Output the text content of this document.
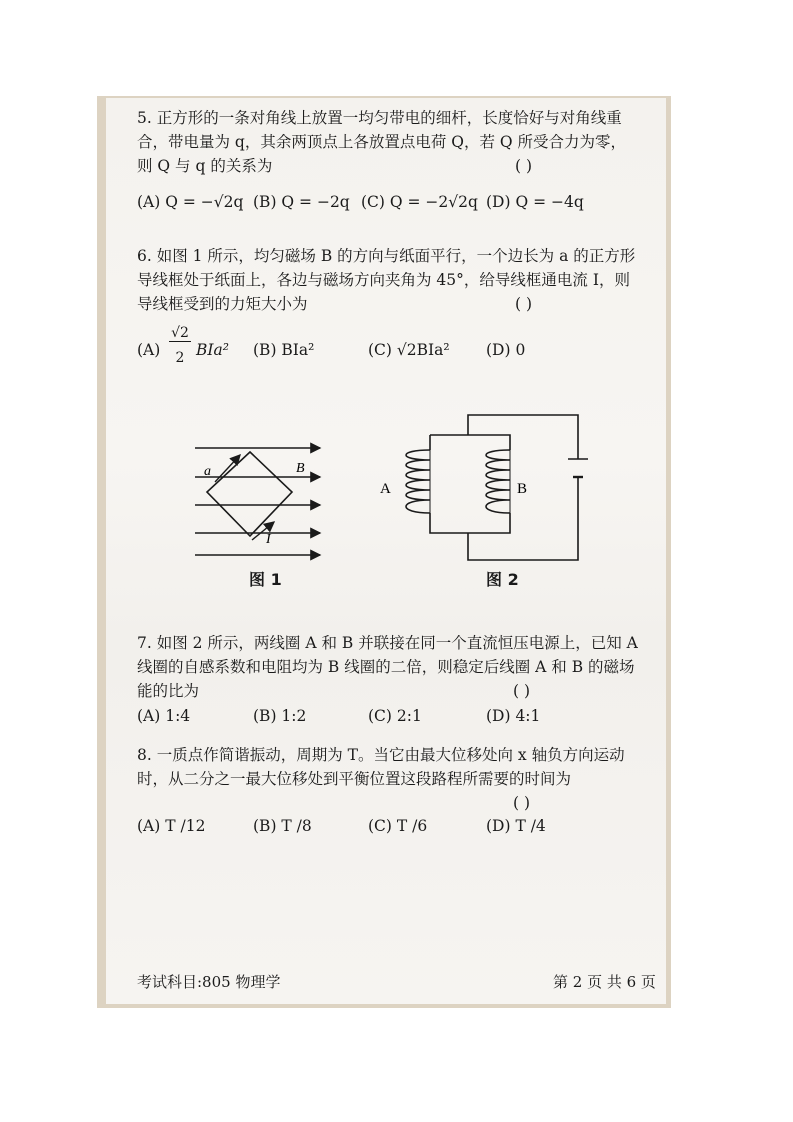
5. 正方形的一条对角线上放置一均匀带电的细杆，长度恰好与对角线重
合，带电量为 q，其余两顶点上各放置点电荷 Q，若 Q 所受合力为零，
则 Q 与 q 的关系为	( )
(A) Q = −√2q (B) Q = −2q (C) Q = −2√2q (D) Q = −4q
6. 如图 1 所示，均匀磁场 B 的方向与纸面平行，一个边长为 a 的正方形
导线框处于纸面上，各边与磁场方向夹角为 45°，给导线框通电流 I，则
导线框受到的力矩大小为	( )
(A)
√2
2 BIa² (B) BIa²	(C) √2BIa² (D) 0
a	B
I
图 1
A	B
图 2
7. 如图 2 所示，两线圈 A 和 B 并联接在同一个直流恒压电源上，已知 A
线圈的自感系数和电阻均为 B 线圈的二倍，则稳定后线圈 A 和 B 的磁场
能的比为	( )
(A) 1:4	(B) 1:2	(C) 2:1	(D) 4:1
8. 一质点作简谐振动，周期为 T。当它由最大位移处向 x 轴负方向运动
时，从二分之一最大位移处到平衡位置这段路程所需要的时间为
( )
(A) T /12	(B) T /8	(C) T /6	(D) T /4
考试科目:805 物理学	第 2 页 共 6 页
